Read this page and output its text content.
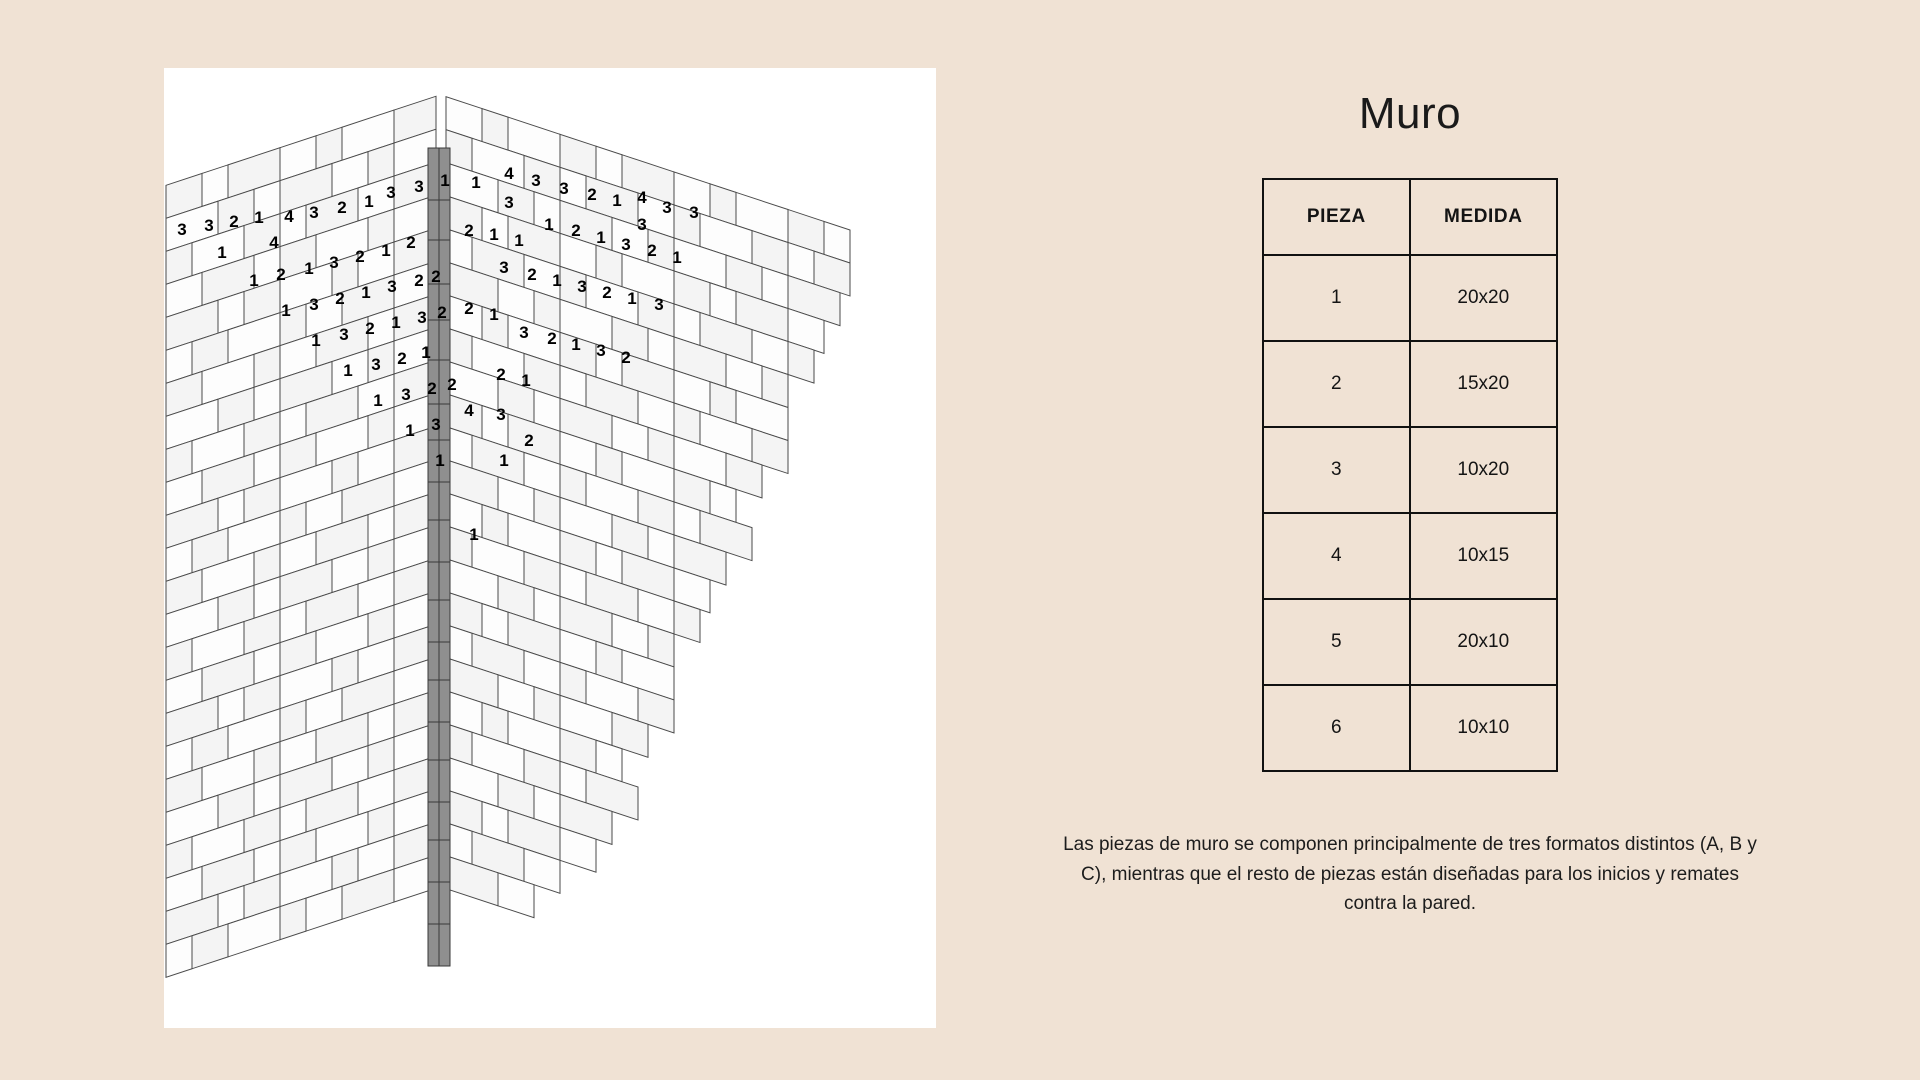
3 3 2 1
1
4
4 3 2 1 3 3 1
1 2 1 3 2 1 2
1 3 2 1 3 2 2
1 3 2 1 3 2
1 3 2 1
1 3 2 2
1 3
1
1 4
3
3 3 2 1 4
3
3 3
2 1 1
1 2 1 3 2 1
3 2 1 3 2 1 3
2 1
3 2 1 3 2
2 1
4 3
2
1
1
Muro
PIEZA	MEDIDA
1	20x20
2	15x20
3	10x20
4	10x15
5	20x10
6	10x10

Las piezas de muro se componen principalmente de tres formatos distintos (A, B y C), mientras que el resto de piezas están diseñadas para los inicios y remates contra la pared.
